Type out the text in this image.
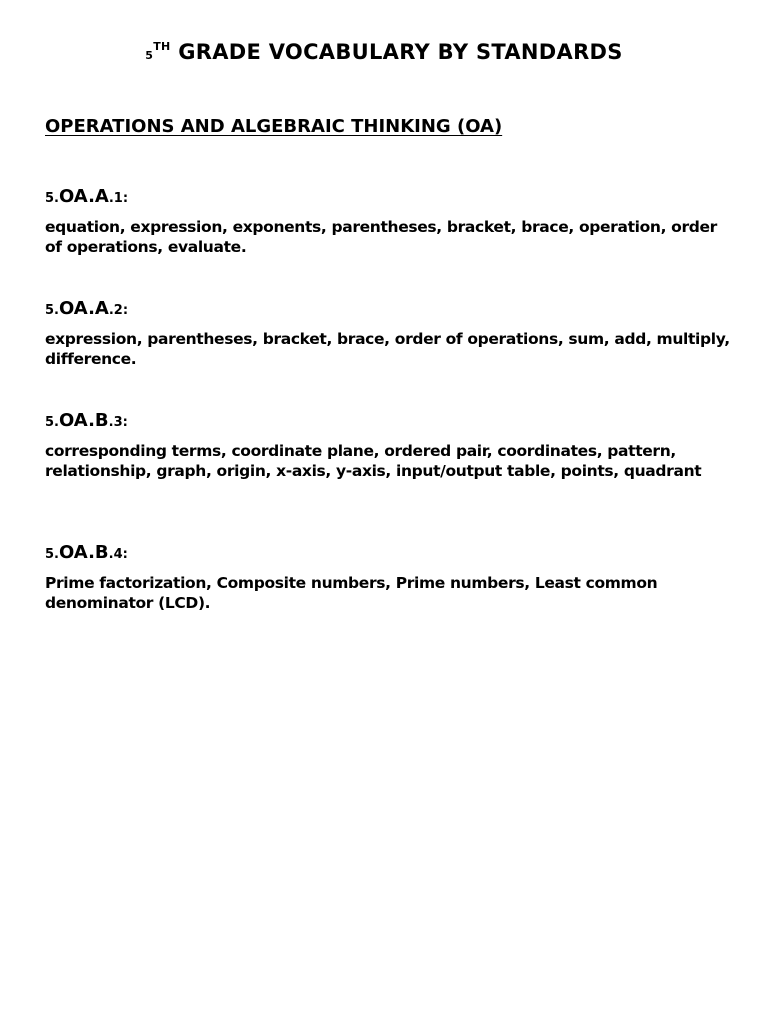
5TH GRADE VOCABULARY BY STANDARDS
OPERATIONS AND ALGEBRAIC THINKING (OA)
5.OA.A.1:
equation, expression, exponents, parentheses, bracket, brace, operation, order of operations, evaluate.
5.OA.A.2:
expression, parentheses, bracket, brace, order of operations, sum, add, multiply, difference.
5.OA.B.3:
corresponding terms, coordinate plane, ordered pair, coordinates, pattern, relationship, graph, origin, x-axis, y-axis, input/output table, points, quadrant
5.OA.B.4:
Prime factorization, Composite numbers, Prime numbers, Least common denominator (LCD).
